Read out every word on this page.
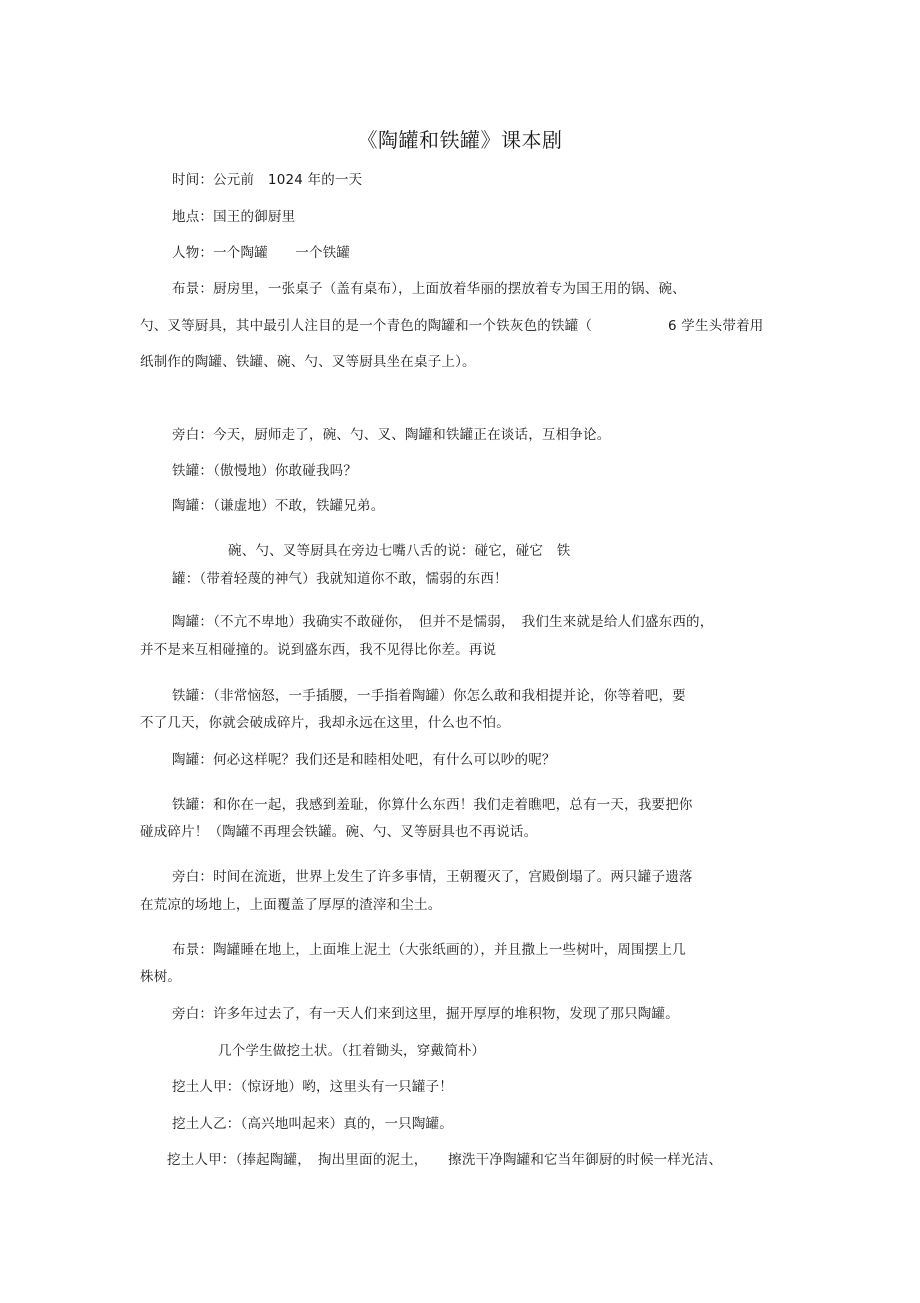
《陶罐和铁罐》课本剧
时间：公元前　1024 年的一天
地点：国王的御厨里
人物：一个陶罐　　一个铁罐
布景：厨房里，一张桌子（盖有桌布），上面放着华丽的摆放着专为国王用的锅、碗、
勺、叉等厨具，其中最引人注目的是一个青色的陶罐和一个铁灰色的铁罐（	6 学生头带着用
纸制作的陶罐、铁罐、碗、勺、叉等厨具坐在桌子上）。
旁白：今天，厨师走了，碗、勺、叉、陶罐和铁罐正在谈话，互相争论。
铁罐：（傲慢地）你敢碰我吗？
陶罐：（谦虚地）不敢，铁罐兄弟。
碗、勺、叉等厨具在旁边七嘴八舌的说：碰它，碰它　铁
罐：（带着轻蔑的神气）我就知道你不敢，懦弱的东西！
陶罐：（不亢不卑地）我确实不敢碰你，　但并不是懦弱，　我们生来就是给人们盛东西的，
并不是来互相碰撞的。说到盛东西，我不见得比你差。再说
铁罐：（非常恼怒，一手插腰，一手指着陶罐）你怎么敢和我相提并论，你等着吧，要
不了几天，你就会破成碎片，我却永远在这里，什么也不怕。
陶罐：何必这样呢？我们还是和睦相处吧，有什么可以吵的呢？
铁罐：和你在一起，我感到羞耻，你算什么东西！我们走着瞧吧，总有一天，我要把你
碰成碎片！（陶罐不再理会铁罐。碗、勺、叉等厨具也不再说话。
旁白：时间在流逝，世界上发生了许多事情，王朝覆灭了，宫殿倒塌了。两只罐子遗落
在荒凉的场地上，上面覆盖了厚厚的渣滓和尘土。
布景：陶罐睡在地上，上面堆上泥土（大张纸画的），并且撒上一些树叶，周围摆上几
株树。
旁白：许多年过去了，有一天人们来到这里，掘开厚厚的堆积物，发现了那只陶罐。
几个学生做挖土状。（扛着锄头，穿戴简朴）
挖土人甲：（惊讶地）哟，这里头有一只罐子！
挖土人乙：（高兴地叫起来）真的，一只陶罐。
挖土人甲：（捧起陶罐，　掏出里面的泥土，　　擦洗干净陶罐和它当年御厨的时候一样光洁、
